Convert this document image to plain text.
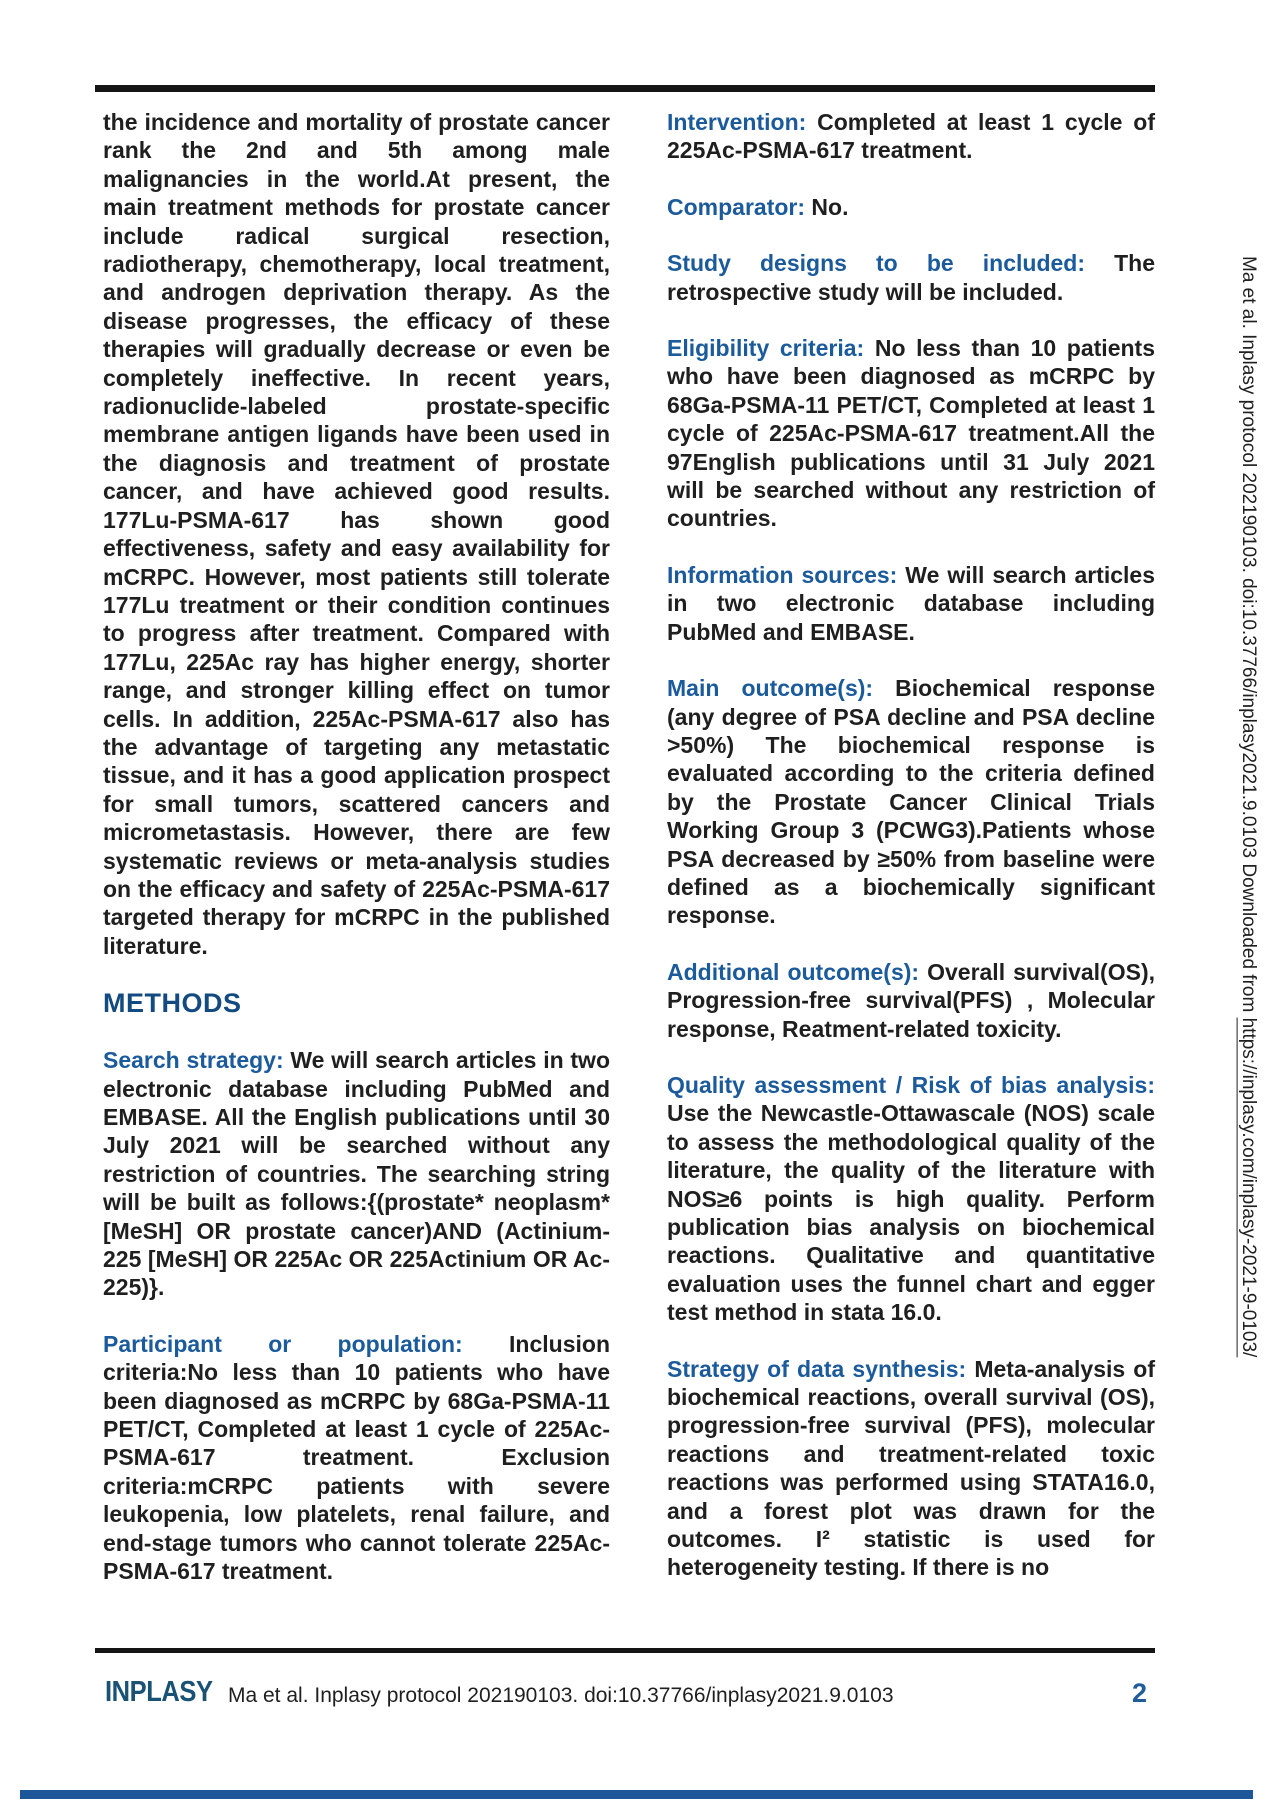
the incidence and mortality of prostate cancer rank the 2nd and 5th among male malignancies in the world.At present, the main treatment methods for prostate cancer include radical surgical resection, radiotherapy, chemotherapy, local treatment, and androgen deprivation therapy. As the disease progresses, the efficacy of these therapies will gradually decrease or even be completely ineffective. In recent years, radionuclide-labeled prostate-specific membrane antigen ligands have been used in the diagnosis and treatment of prostate cancer, and have achieved good results. 177Lu-PSMA-617 has shown good effectiveness, safety and easy availability for mCRPC. However, most patients still tolerate 177Lu treatment or their condition continues to progress after treatment. Compared with 177Lu, 225Ac ray has higher energy, shorter range, and stronger killing effect on tumor cells. In addition, 225Ac-PSMA-617 also has the advantage of targeting any metastatic tissue, and it has a good application prospect for small tumors, scattered cancers and micrometastasis. However, there are few systematic reviews or meta-analysis studies on the efficacy and safety of 225Ac-PSMA-617 targeted therapy for mCRPC in the published literature.

METHODS

Search strategy: We will search articles in two electronic database including PubMed and EMBASE. All the English publications until 30 July 2021 will be searched without any restriction of countries. The searching string will be built as follows:{(prostate* neoplasm* [MeSH] OR prostate cancer)AND (Actinium-225 [MeSH] OR 225Ac OR 225Actinium OR Ac-225)}.

Participant or population: Inclusion criteria:No less than 10 patients who have been diagnosed as mCRPC by 68Ga-PSMA-11 PET/CT, Completed at least 1 cycle of 225Ac-PSMA-617 treatment. Exclusion criteria:mCRPC patients with severe leukopenia, low platelets, renal failure, and end-stage tumors who cannot tolerate 225Ac-PSMA-617 treatment.

Intervention: Completed at least 1 cycle of 225Ac-PSMA-617 treatment.

Comparator: No.

Study designs to be included: The retrospective study will be included.

Eligibility criteria: No less than 10 patients who have been diagnosed as mCRPC by 68Ga-PSMA-11 PET/CT, Completed at least 1 cycle of 225Ac-PSMA-617 treatment.All the 97English publications until 31 July 2021 will be searched without any restriction of countries.

Information sources: We will search articles in two electronic database including PubMed and EMBASE.

Main outcome(s): Biochemical response (any degree of PSA decline and PSA decline >50%) The biochemical response is evaluated according to the criteria defined by the Prostate Cancer Clinical Trials Working Group 3 (PCWG3).Patients whose PSA decreased by ≥50% from baseline were defined as a biochemically significant response.

Additional outcome(s): Overall survival(OS), Progression-free survival(PFS) , Molecular response, Reatment-related toxicity.

Quality assessment / Risk of bias analysis: Use the Newcastle-Ottawascale (NOS) scale to assess the methodological quality of the literature, the quality of the literature with NOS≥6 points is high quality. Perform publication bias analysis on biochemical reactions. Qualitative and quantitative evaluation uses the funnel chart and egger test method in stata 16.0.

Strategy of data synthesis: Meta-analysis of biochemical reactions, overall survival (OS), progression-free survival (PFS), molecular reactions and treatment-related toxic reactions was performed using STATA16.0, and a forest plot was drawn for the outcomes. I² statistic is used for heterogeneity testing. If there is no

Ma et al. Inplasy protocol 202190103. doi:10.37766/inplasy2021.9.0103 Downloaded from https://inplasy.com/inplasy-2021-9-0103/
INPLASY Ma et al. Inplasy protocol 202190103. doi:10.37766/inplasy2021.9.0103	2
